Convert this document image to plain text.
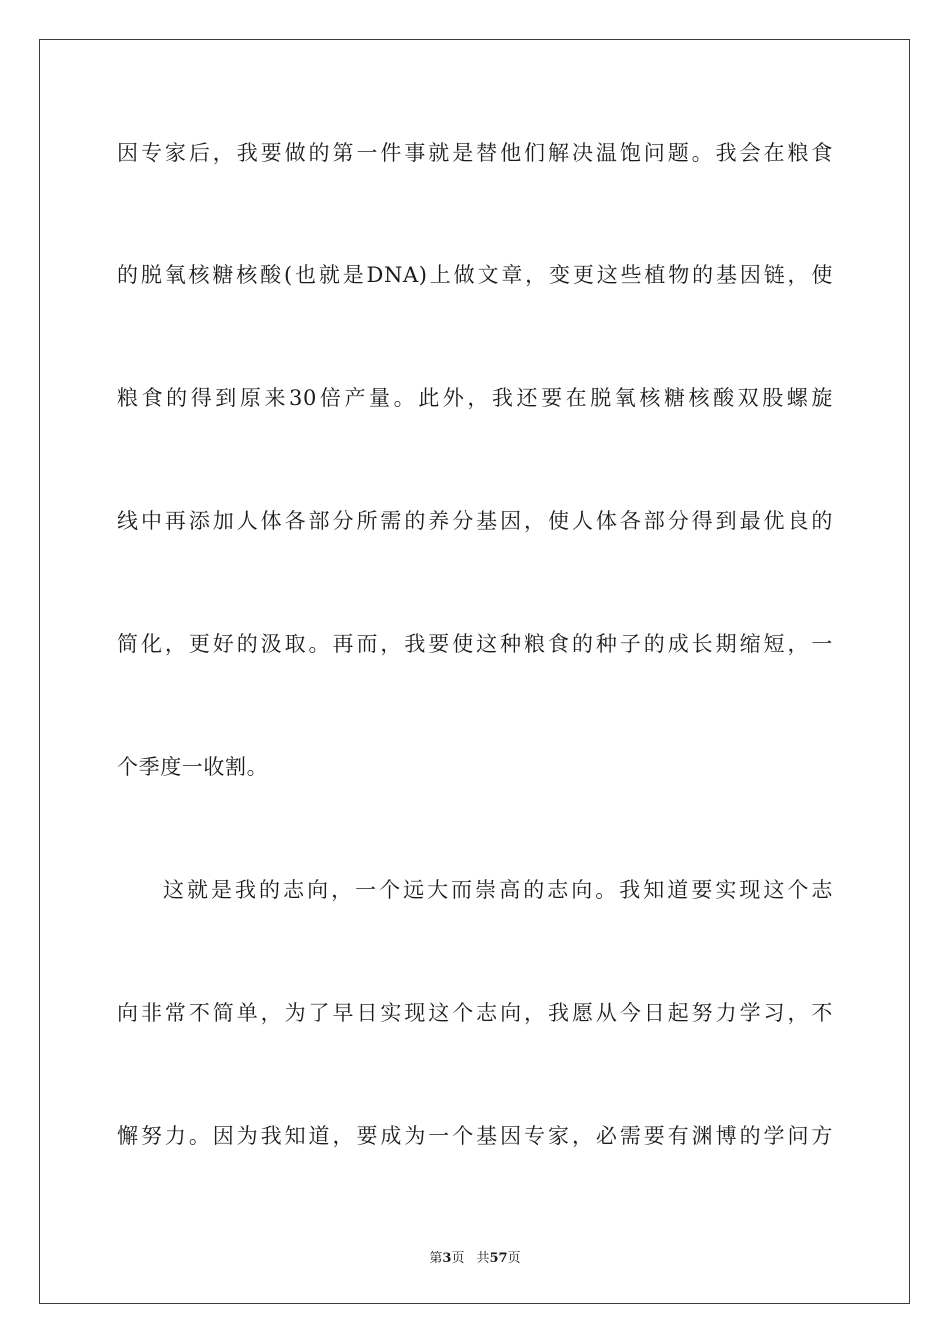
因专家后，我要做的第一件事就是替他们解决温饱问题。我会在粮食
的脱氧核糖核酸(也就是DNA)上做文章，变更这些植物的基因链，使
粮食的得到原来30倍产量。此外，我还要在脱氧核糖核酸双股螺旋
线中再添加人体各部分所需的养分基因，使人体各部分得到最优良的
简化，更好的汲取。再而，我要使这种粮食的种子的成长期缩短，一
个季度一收割。
这就是我的志向，一个远大而崇高的志向。我知道要实现这个志
向非常不简单，为了早日实现这个志向，我愿从今日起努力学习，不
懈努力。因为我知道，要成为一个基因专家，必需要有渊博的学问方
第3页 共57页
